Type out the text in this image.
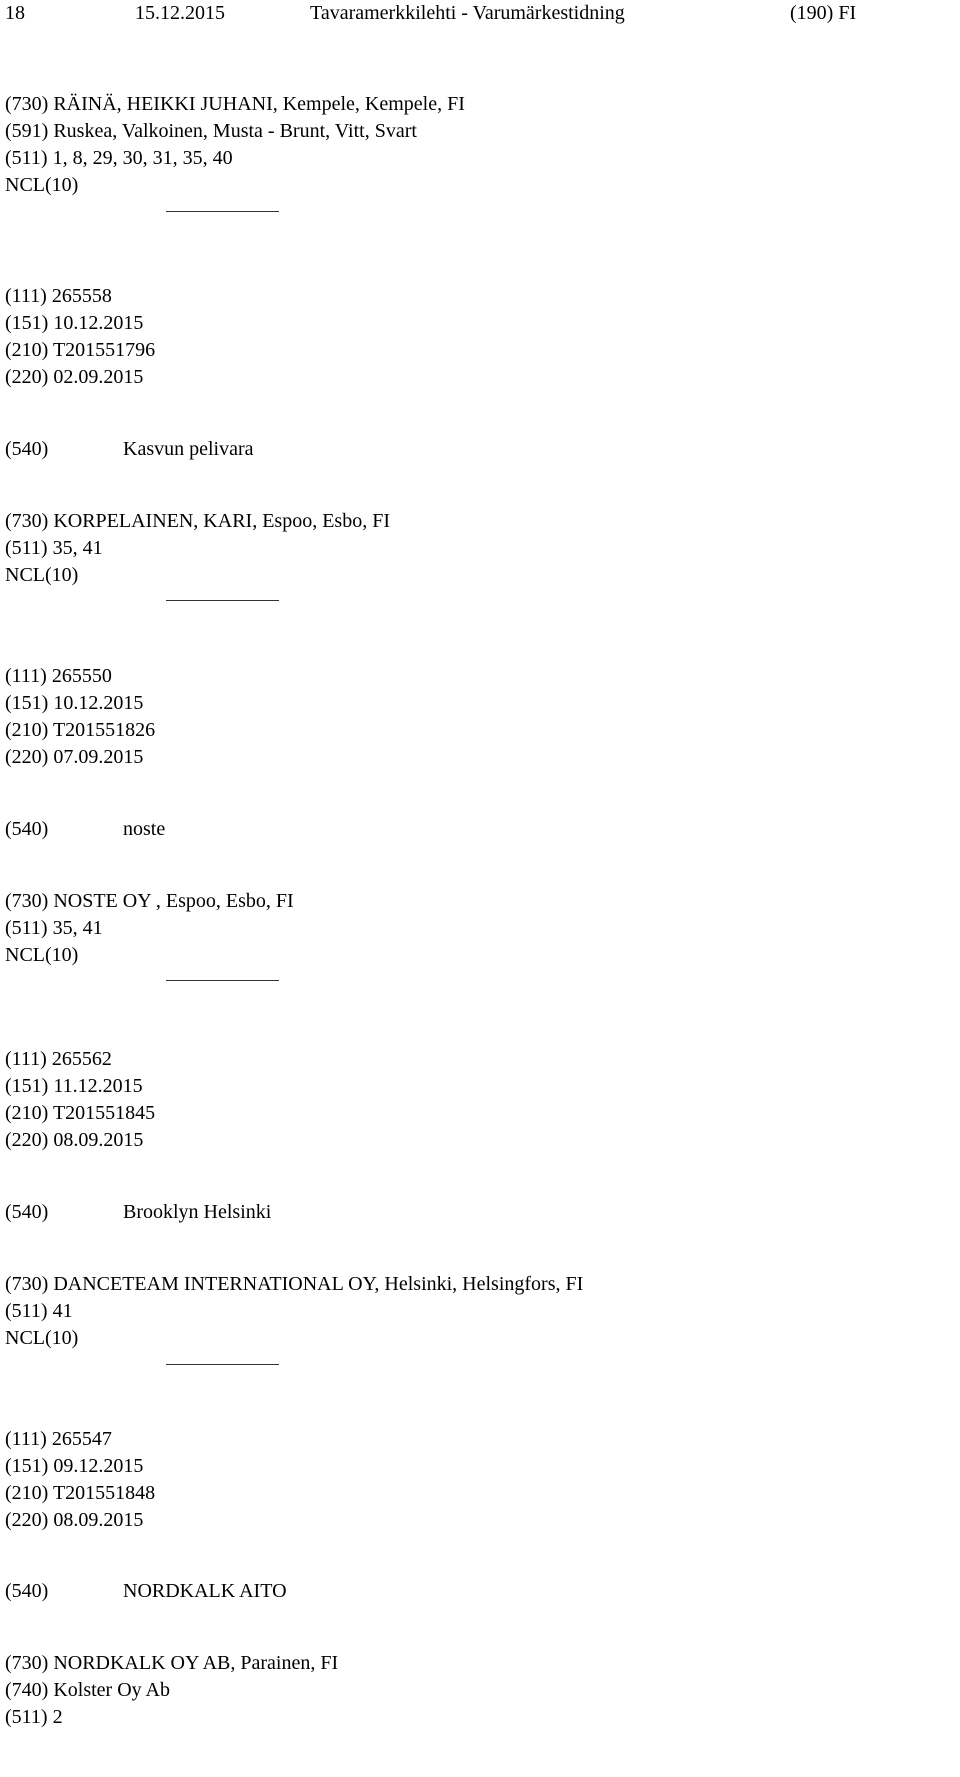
18	15.12.2015	Tavaramerkkilehti - Varumärkestidning	(190) FI
(730) RÄINÄ, HEIKKI JUHANI, Kempele, Kempele, FI
(591) Ruskea, Valkoinen, Musta - Brunt, Vitt, Svart
(511) 1, 8, 29, 30, 31, 35, 40
NCL(10)
(111) 265558
(151) 10.12.2015
(210) T201551796
(220) 02.09.2015
(540)	Kasvun pelivara
(730) KORPELAINEN, KARI, Espoo, Esbo, FI
(511) 35, 41
NCL(10)
(111) 265550
(151) 10.12.2015
(210) T201551826
(220) 07.09.2015
(540)	noste
(730) NOSTE OY , Espoo, Esbo, FI
(511) 35, 41
NCL(10)
(111) 265562
(151) 11.12.2015
(210) T201551845
(220) 08.09.2015
(540)	Brooklyn Helsinki
(730) DANCETEAM INTERNATIONAL OY, Helsinki, Helsingfors, FI
(511) 41
NCL(10)
(111) 265547
(151) 09.12.2015
(210) T201551848
(220) 08.09.2015
(540)	NORDKALK AITO
(730) NORDKALK OY AB, Parainen, FI
(740) Kolster Oy Ab
(511) 2
